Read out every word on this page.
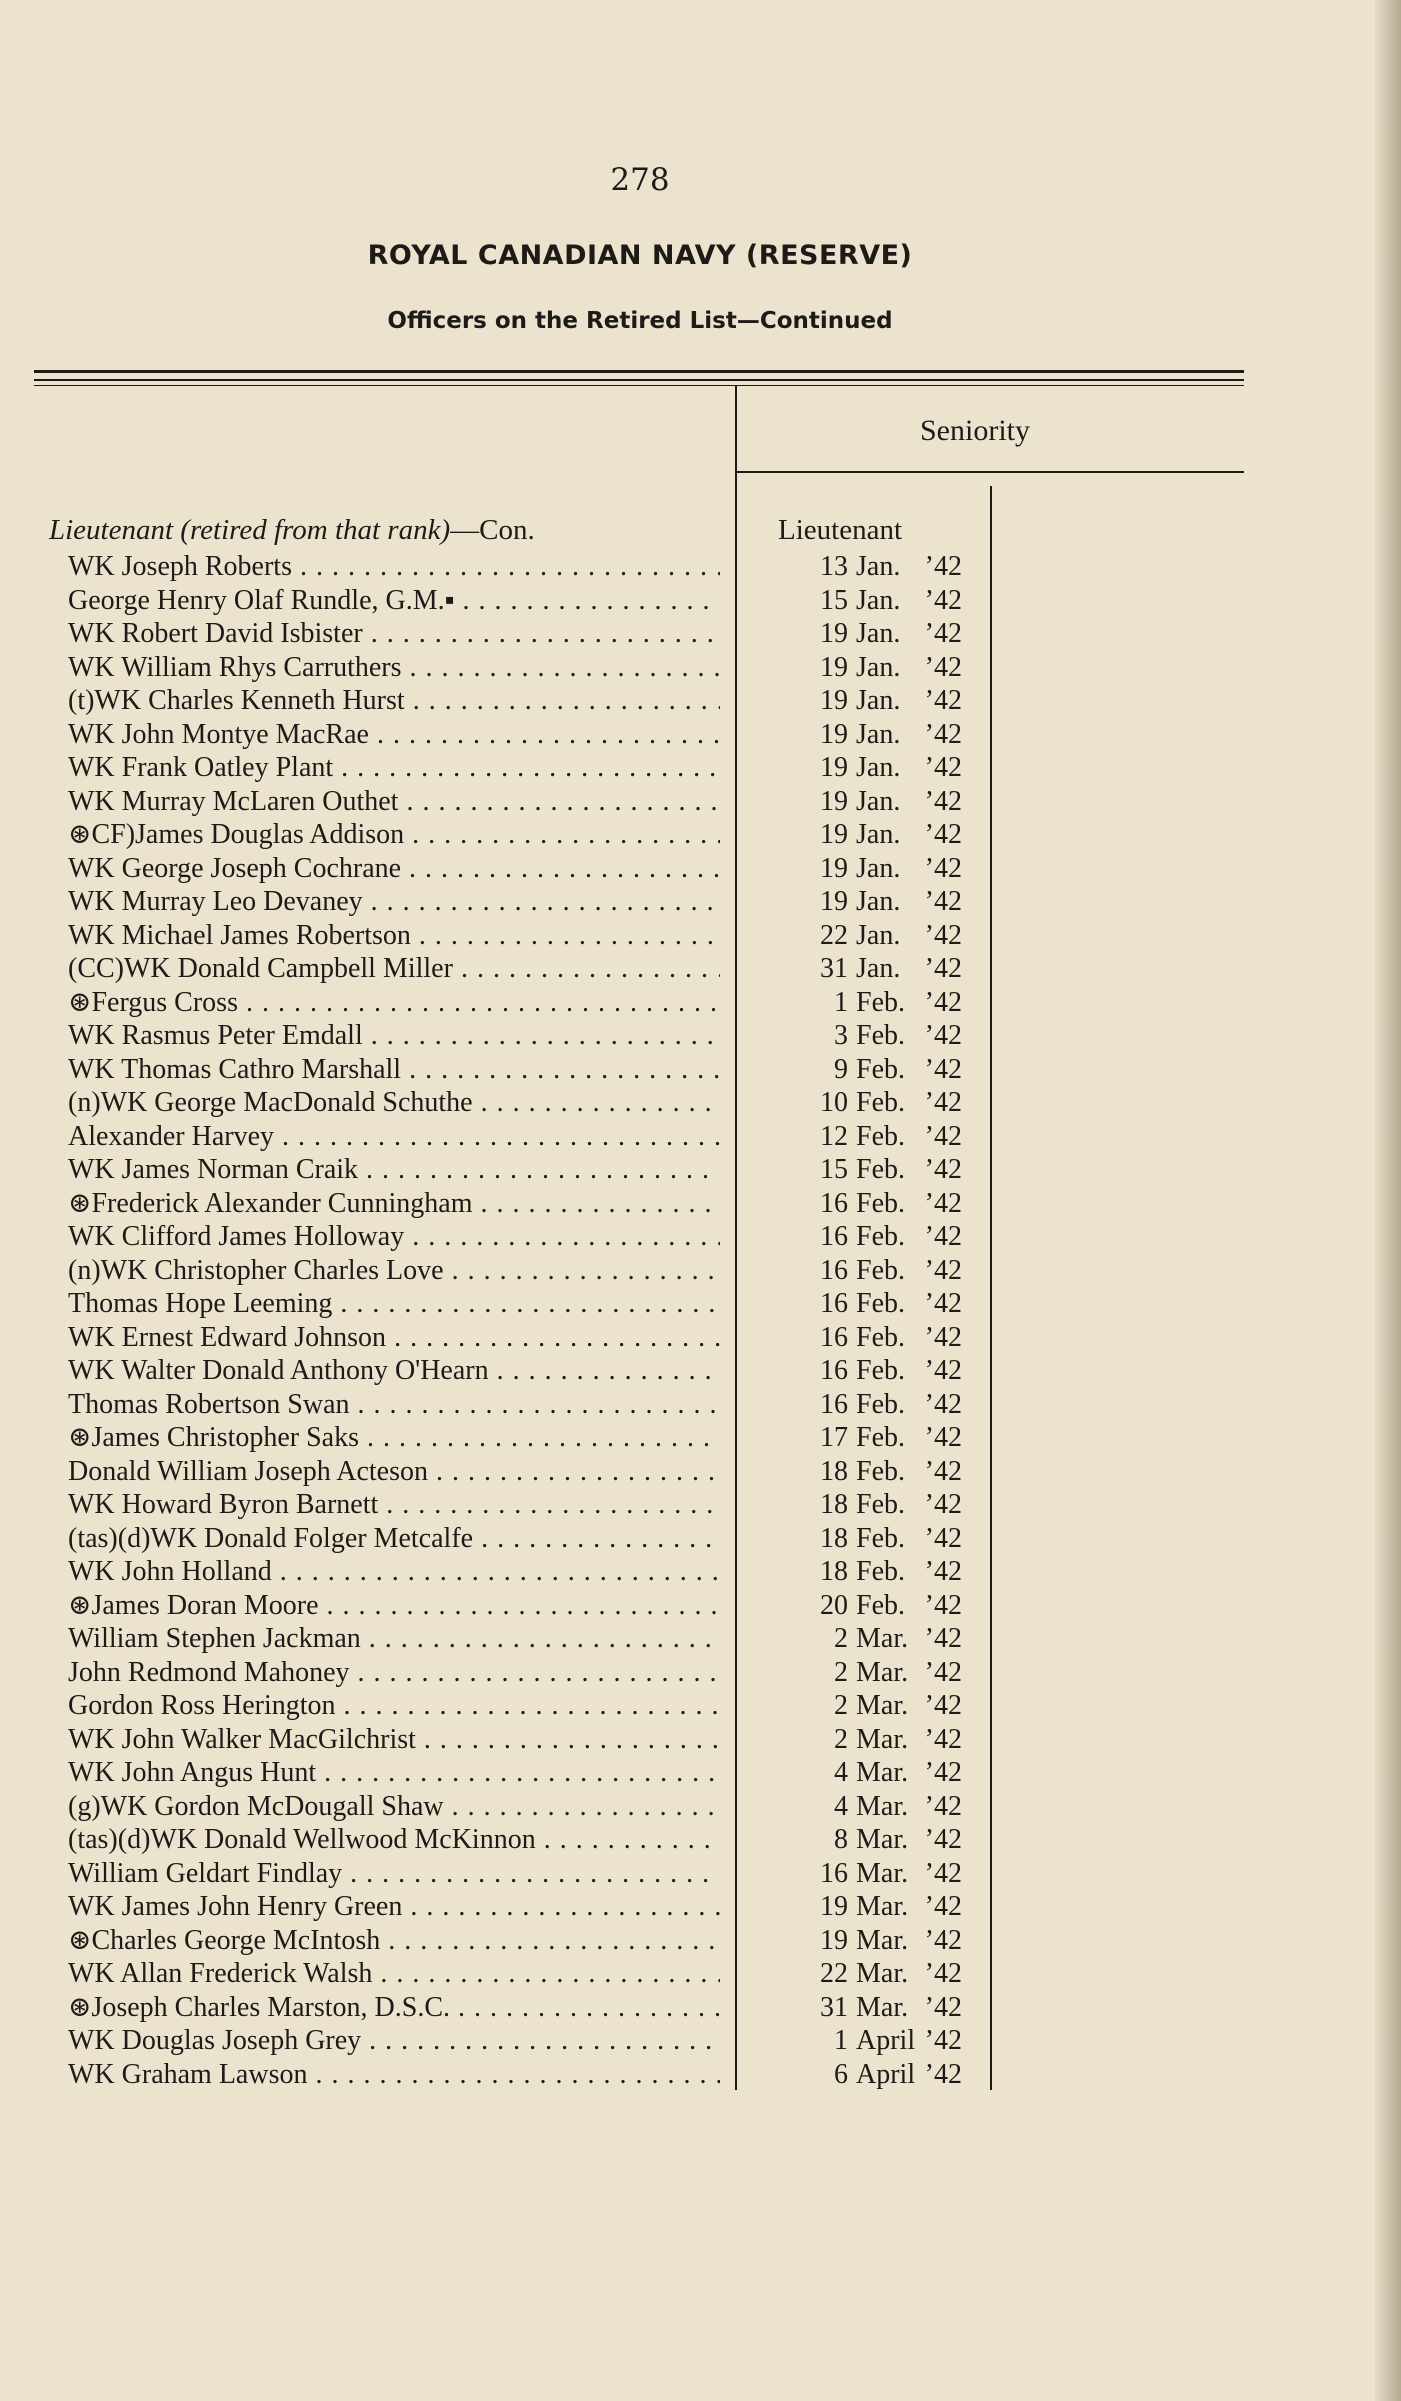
278
ROYAL CANADIAN NAVY (RESERVE)
Officers on the Retired List—Continued
Seniority
Lieutenant (retired from that rank)—Con.	Lieutenant
WK Joseph Roberts . . .	13 Jan. ’42
George Henry Olaf Rundle, G.M.▪ . . .	15 Jan. ’42
WK Robert David Isbister . . .	19 Jan. ’42
WK William Rhys Carruthers . . .	19 Jan. ’42
(t)WK Charles Kenneth Hurst . . .	19 Jan. ’42
WK John Montye MacRae . . .	19 Jan. ’42
WK Frank Oatley Plant . . .	19 Jan. ’42
WK Murray McLaren Outhet . . .	19 Jan. ’42
⊛CF)James Douglas Addison . . .	19 Jan. ’42
WK George Joseph Cochrane . . .	19 Jan. ’42
WK Murray Leo Devaney . . .	19 Jan. ’42
WK Michael James Robertson . . .	22 Jan. ’42
(CC)WK Donald Campbell Miller . . .	31 Jan. ’42
⊛Fergus Cross . . .	1 Feb. ’42
WK Rasmus Peter Emdall . . .	3 Feb. ’42
WK Thomas Cathro Marshall . . .	9 Feb. ’42
(n)WK George MacDonald Schuthe . . .	10 Feb. ’42
Alexander Harvey . . .	12 Feb. ’42
WK James Norman Craik . . .	15 Feb. ’42
⊛Frederick Alexander Cunningham . . .	16 Feb. ’42
WK Clifford James Holloway . . .	16 Feb. ’42
(n)WK Christopher Charles Love . . .	16 Feb. ’42
Thomas Hope Leeming . . .	16 Feb. ’42
WK Ernest Edward Johnson . . .	16 Feb. ’42
WK Walter Donald Anthony O'Hearn . . .	16 Feb. ’42
Thomas Robertson Swan . . .	16 Feb. ’42
⊛James Christopher Saks . . .	17 Feb. ’42
Donald William Joseph Acteson . . .	18 Feb. ’42
WK Howard Byron Barnett . . .	18 Feb. ’42
(tas)(d)WK Donald Folger Metcalfe . . .	18 Feb. ’42
WK John Holland . . .	18 Feb. ’42
⊛James Doran Moore . . .	20 Feb. ’42
William Stephen Jackman . . .	2 Mar. ’42
John Redmond Mahoney . . .	2 Mar. ’42
Gordon Ross Herington . . .	2 Mar. ’42
WK John Walker MacGilchrist . . .	2 Mar. ’42
WK John Angus Hunt . . .	4 Mar. ’42
(g)WK Gordon McDougall Shaw . . .	4 Mar. ’42
(tas)(d)WK Donald Wellwood McKinnon . . .	8 Mar. ’42
William Geldart Findlay . . .	16 Mar. ’42
WK James John Henry Green . . .	19 Mar. ’42
⊛Charles George McIntosh . . .	19 Mar. ’42
WK Allan Frederick Walsh . . .	22 Mar. ’42
⊛Joseph Charles Marston, D.S.C. . . .	31 Mar. ’42
WK Douglas Joseph Grey . . .	1 April ’42
WK Graham Lawson . . .	6 April ’42
